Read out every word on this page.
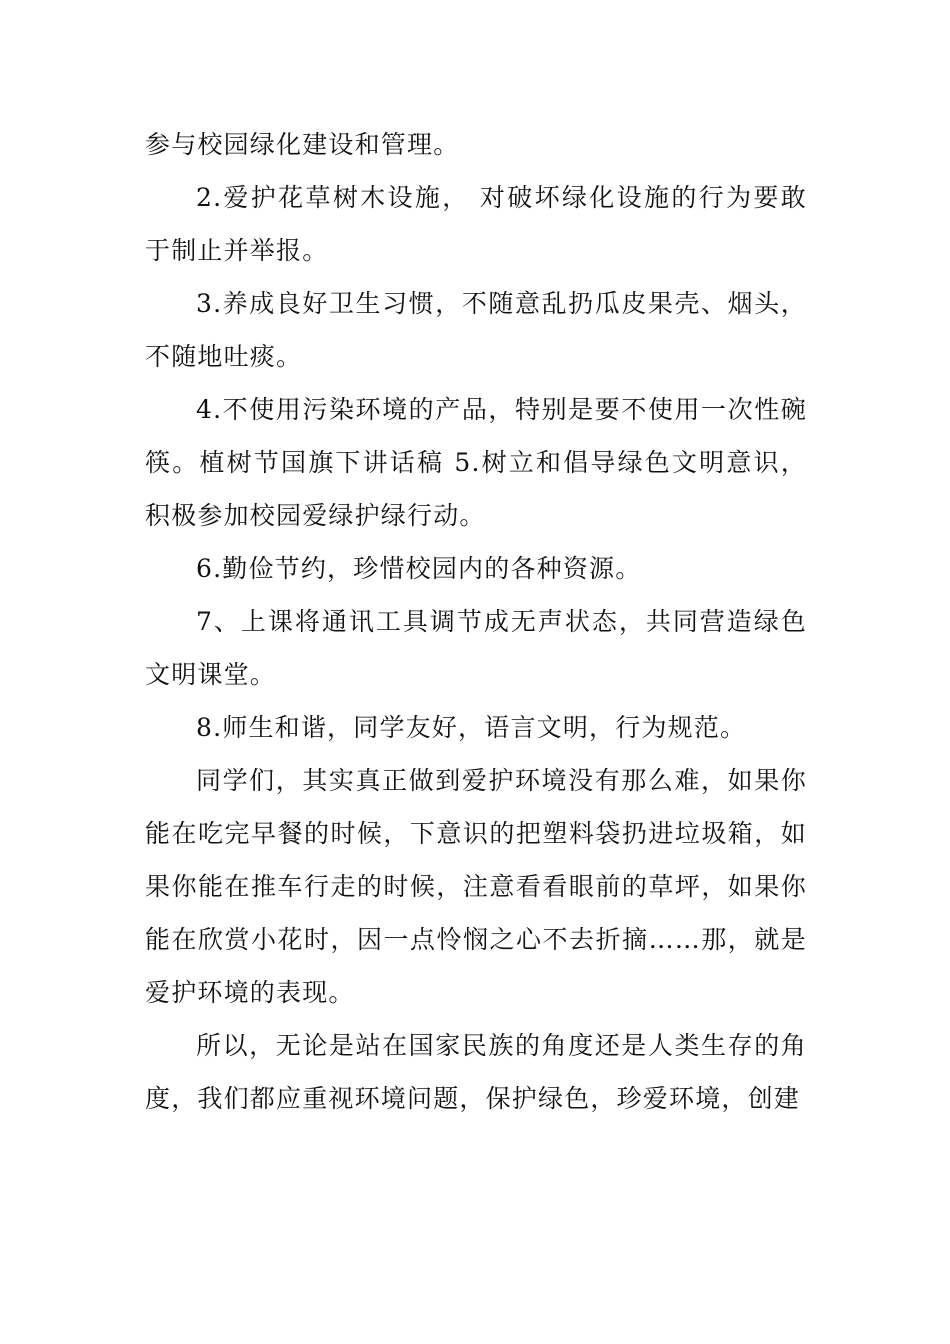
参与校园绿化建设和管理。

2.爱护花草树木设施， 对破坏绿化设施的行为要敢于制止并举报。

3.养成良好卫生习惯，不随意乱扔瓜皮果壳、烟头，不随地吐痰。

4.不使用污染环境的产品，特别是要不使用一次性碗筷。植树节国旗下讲话稿 5.树立和倡导绿色文明意识，积极参加校园爱绿护绿行动。

6.勤俭节约，珍惜校园内的各种资源。

7、上课将通讯工具调节成无声状态，共同营造绿色文明课堂。

8.师生和谐，同学友好，语言文明，行为规范。

同学们，其实真正做到爱护环境没有那么难，如果你能在吃完早餐的时候，下意识的把塑料袋扔进垃圾箱，如果你能在推车行走的时候，注意看看眼前的草坪，如果你能在欣赏小花时，因一点怜悯之心不去折摘……那，就是爱护环境的表现。

所以，无论是站在国家民族的角度还是人类生存的角度，我们都应重视环境问题，保护绿色，珍爱环境，创建
